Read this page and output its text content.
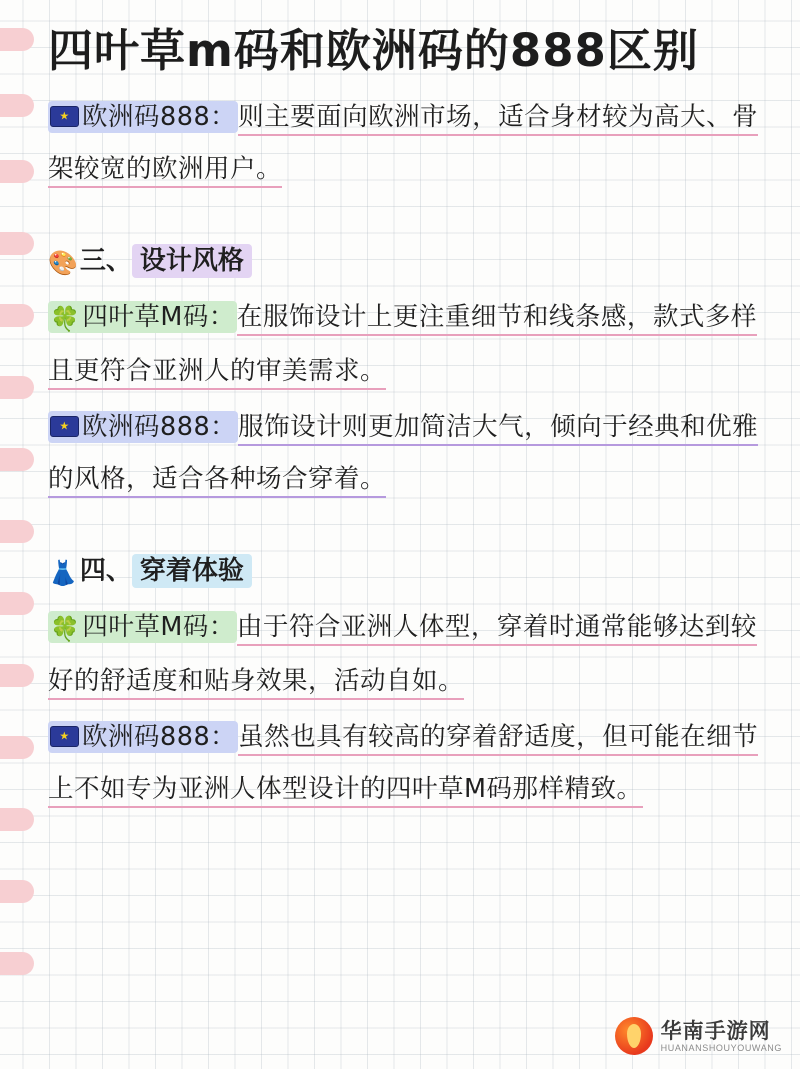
四叶草m码和欧洲码的888区别

★欧洲码888：则主要面向欧洲市场，适合身材较为高大、骨架较宽的欧洲用户。

🎨三、 设计风格

🍀四叶草M码：在服饰设计上更注重细节和线条感，款式多样且更符合亚洲人的审美需求。

★欧洲码888：服饰设计则更加简洁大气，倾向于经典和优雅的风格，适合各种场合穿着。

👗四、 穿着体验

🍀四叶草M码：由于符合亚洲人体型，穿着时通常能够达到较好的舒适度和贴身效果，活动自如。

★欧洲码888：虽然也具有较高的穿着舒适度，但可能在细节上不如专为亚洲人体型设计的四叶草M码那样精致。

华南手游网
HUANANSHOUYOUWANG
